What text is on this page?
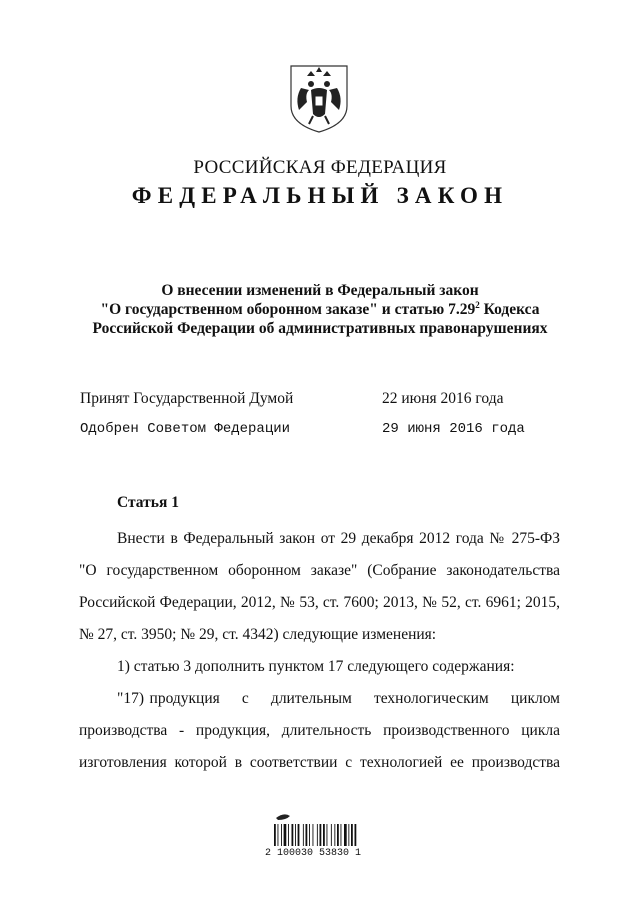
РОССИЙСКАЯ ФЕДЕРАЦИЯ
ФЕДЕРАЛЬНЫЙ ЗАКОН
О внесении изменений в Федеральный закон
"О государственном оборонном заказе" и статью 7.29$^2$ Кодекса
Российской Федерации об административных правонарушениях
Принят Государственной Думой	22 июня 2016 года
Одобрен Советом Федерации	29 июня 2016 года
Статья 1
Внести в Федеральный закон от 29 декабря 2012 года № 275-ФЗ
"О государственном оборонном заказе" (Собрание законодательства
Российской Федерации, 2012, № 53, ст. 7600; 2013, № 52, ст. 6961; 2015,
№ 27, ст. 3950; № 29, ст. 4342) следующие изменения:
1) статью 3 дополнить пунктом 17 следующего содержания:
"17) продукция    с    длительным    технологическим    циклом
производства - продукция, длительность производственного цикла
изготовления которой в соответствии с технологией ее производства
2 100030 53830 1
